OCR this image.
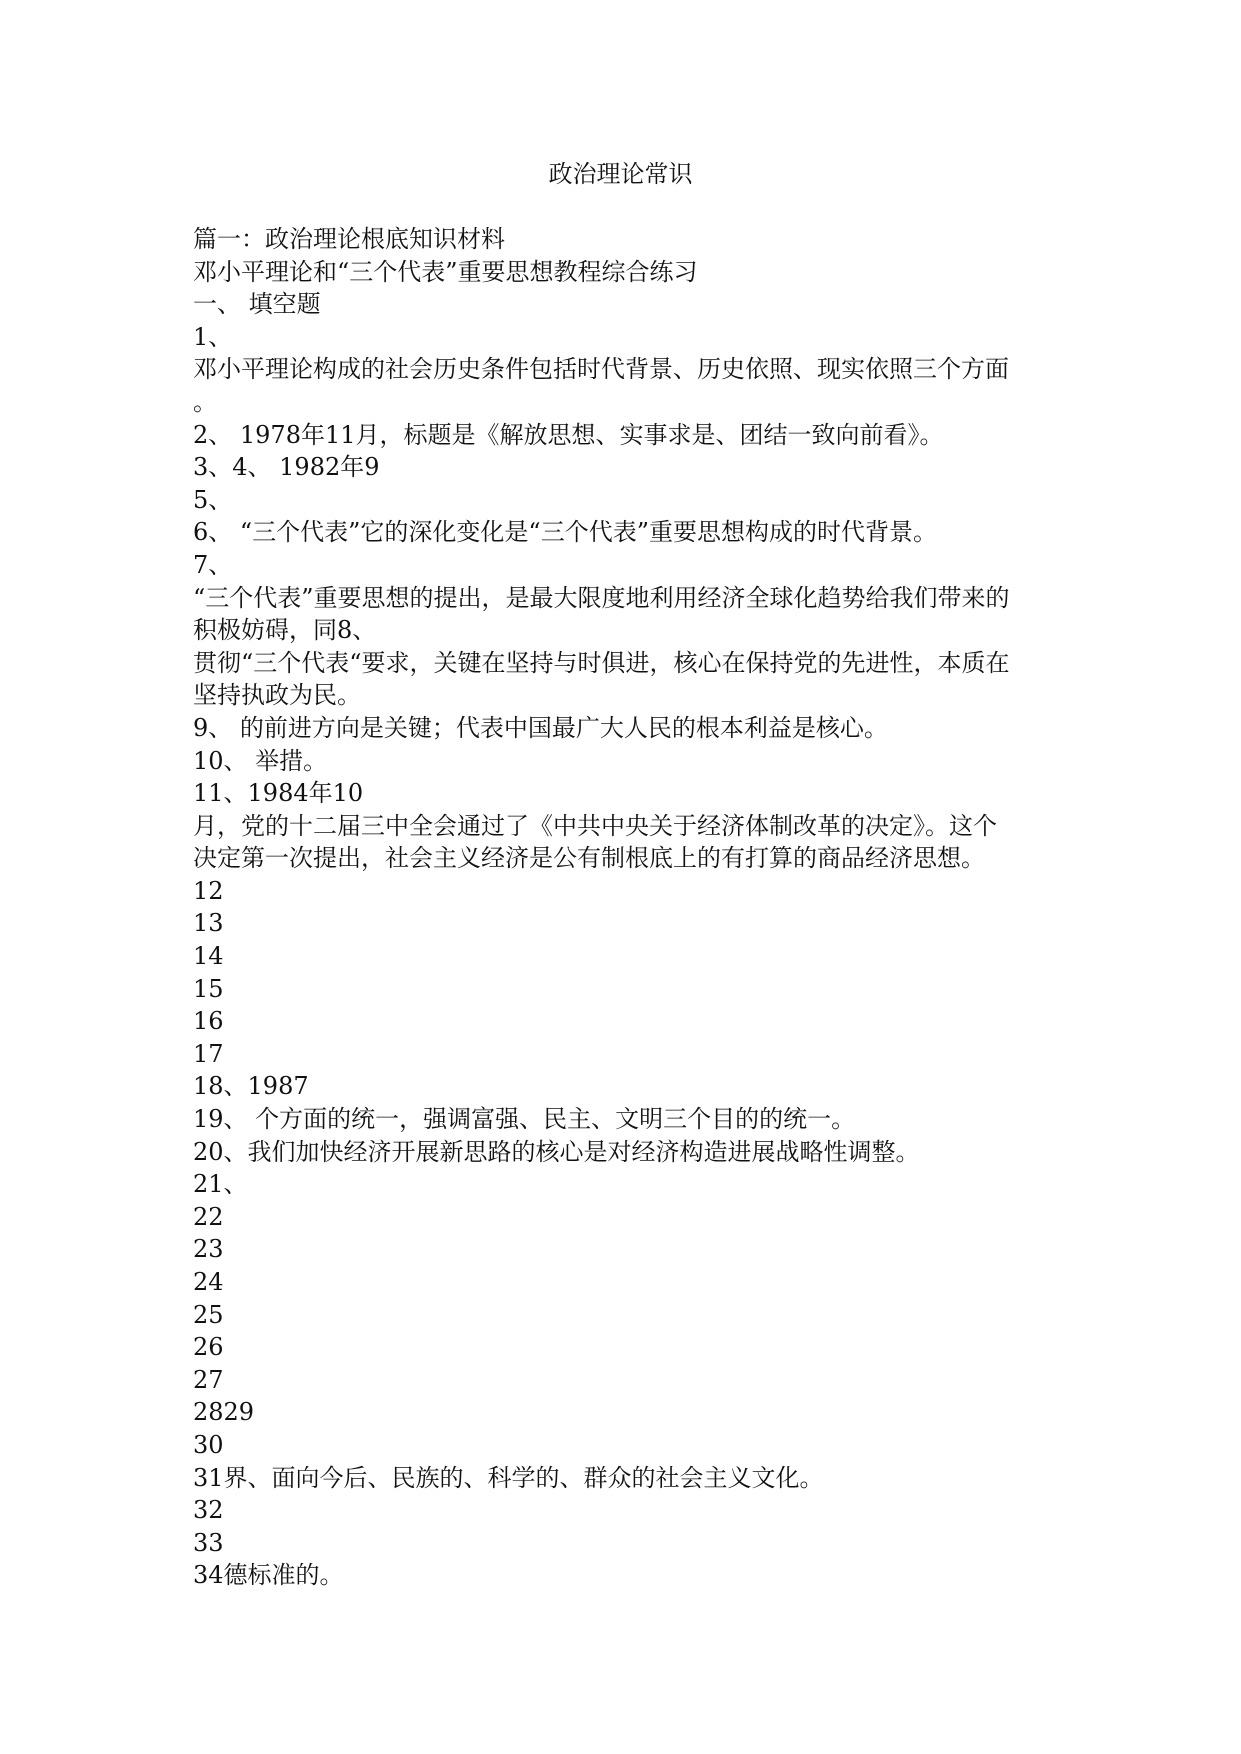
政治理论常识
篇一：政治理论根底知识材料
邓小平理论和“三个代表”重要思想教程综合练习
一、 填空题
1、
邓小平理论构成的社会历史条件包括时代背景、历史依照、现实依照三个方面
。
2、 1978年11月，标题是《解放思想、实事求是、团结一致向前看》。
3、4、 1982年9
5、
6、 “三个代表”它的深化变化是“三个代表”重要思想构成的时代背景。
7、
“三个代表”重要思想的提出，是最大限度地利用经济全球化趋势给我们带来的
积极妨碍，同8、
贯彻“三个代表“要求，关键在坚持与时俱进，核心在保持党的先进性，本质在
坚持执政为民。
9、 的前进方向是关键；代表中国最广大人民的根本利益是核心。
10、 举措。
11、1984年10
月，党的十二届三中全会通过了《中共中央关于经济体制改革的决定》。这个
决定第一次提出，社会主义经济是公有制根底上的有打算的商品经济思想。
12
13
14
15
16
17
18、1987
19、 个方面的统一，强调富强、民主、文明三个目的的统一。
20、我们加快经济开展新思路的核心是对经济构造进展战略性调整。
21、
22
23
24
25
26
27
2829
30
31界、面向今后、民族的、科学的、群众的社会主义文化。
32
33
34德标准的。
